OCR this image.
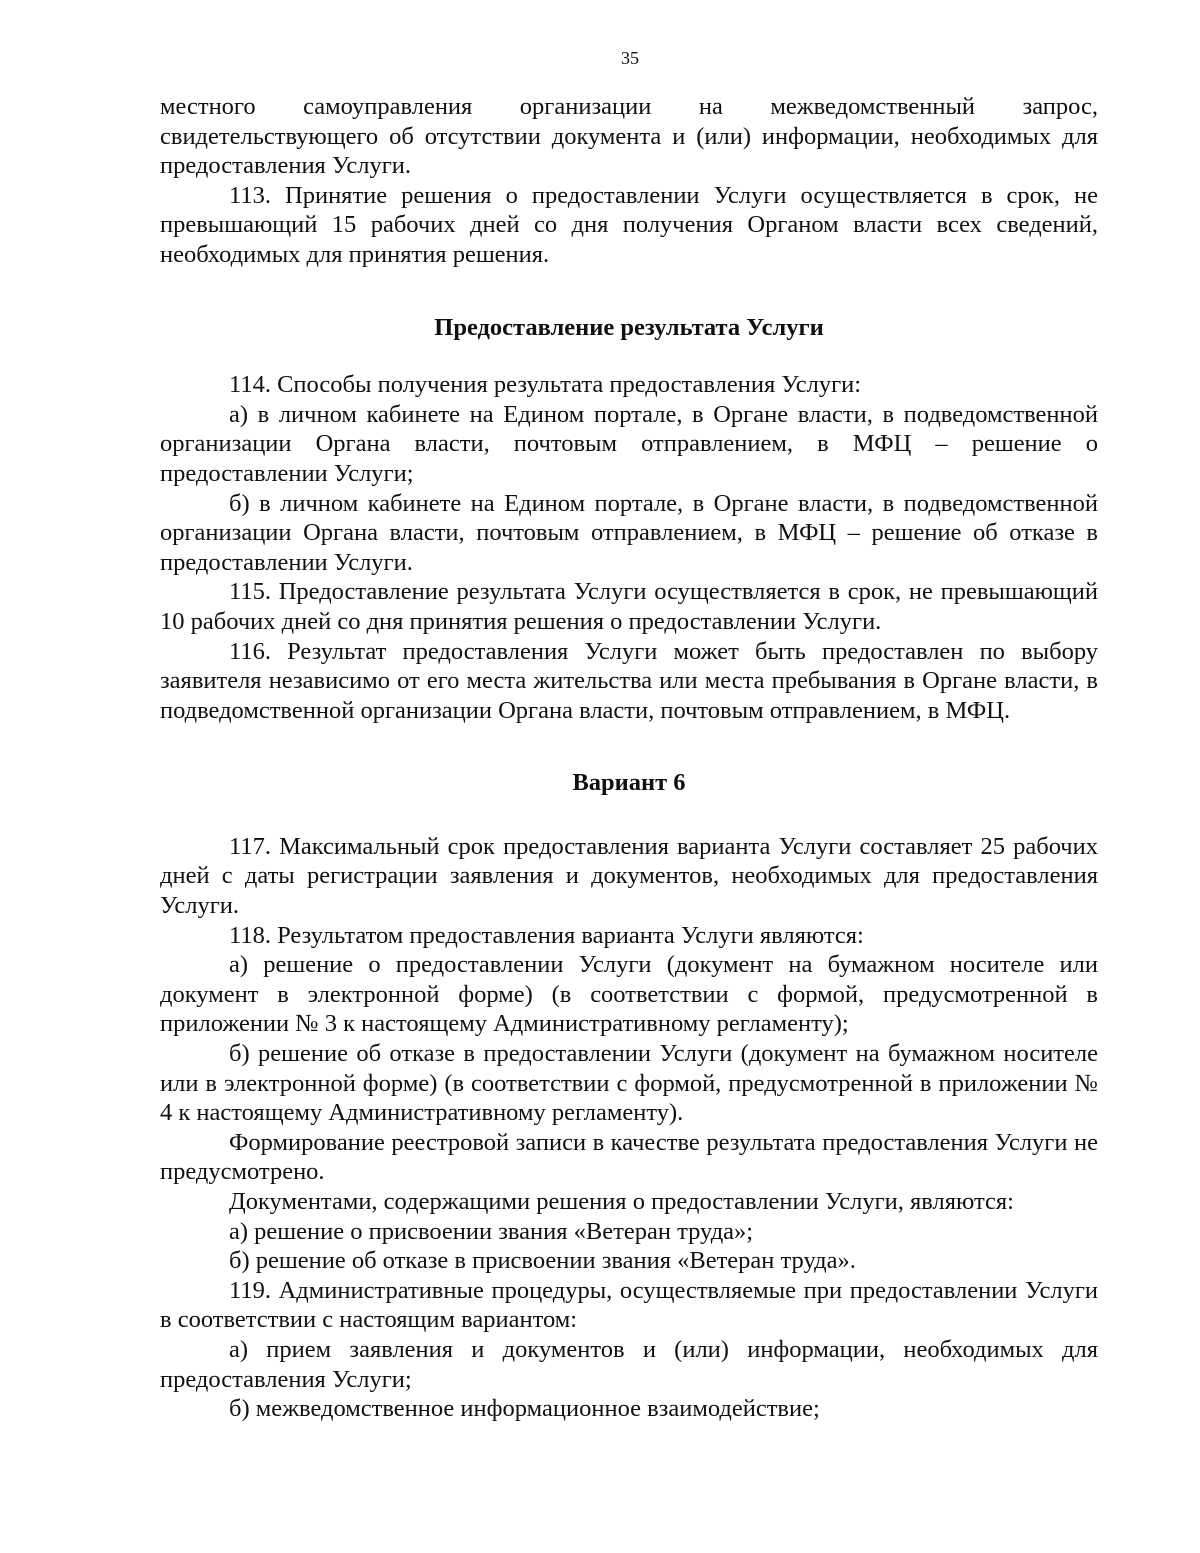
35

местного самоуправления организации на межведомственный запрос, свидетельствующего об отсутствии документа и (или) информации, необходимых для предоставления Услуги.

113. Принятие решения о предоставлении Услуги осуществляется в срок, не превышающий 15 рабочих дней со дня получения Органом власти всех сведений, необходимых для принятия решения.

Предоставление результата Услуги

114. Способы получения результата предоставления Услуги:

а) в личном кабинете на Едином портале, в Органе власти, в подведомственной организации Органа власти, почтовым отправлением, в МФЦ – решение о предоставлении Услуги;

б) в личном кабинете на Едином портале, в Органе власти, в подведомственной организации Органа власти, почтовым отправлением, в МФЦ – решение об отказе в предоставлении Услуги.

115. Предоставление результата Услуги осуществляется в срок, не превышающий 10 рабочих дней со дня принятия решения о предоставлении Услуги.

116. Результат предоставления Услуги может быть предоставлен по выбору заявителя независимо от его места жительства или места пребывания в Органе власти, в подведомственной организации Органа власти, почтовым отправлением, в МФЦ.

Вариант 6

117. Максимальный срок предоставления варианта Услуги составляет 25 рабочих дней с даты регистрации заявления и документов, необходимых для предоставления Услуги.

118. Результатом предоставления варианта Услуги являются:

а) решение о предоставлении Услуги (документ на бумажном носителе или документ в электронной форме) (в соответствии с формой, предусмотренной в приложении № 3 к настоящему Административному регламенту);

б) решение об отказе в предоставлении Услуги (документ на бумажном носителе или в электронной форме) (в соответствии с формой, предусмотренной в приложении № 4 к настоящему Административному регламенту).

Формирование реестровой записи в качестве результата предоставления Услуги не предусмотрено.

Документами, содержащими решения о предоставлении Услуги, являются:

а) решение о присвоении звания «Ветеран труда»;

б) решение об отказе в присвоении звания «Ветеран труда».

119. Административные процедуры, осуществляемые при предоставлении Услуги в соответствии с настоящим вариантом:

а) прием заявления и документов и (или) информации, необходимых для предоставления Услуги;

б) межведомственное информационное взаимодействие;
